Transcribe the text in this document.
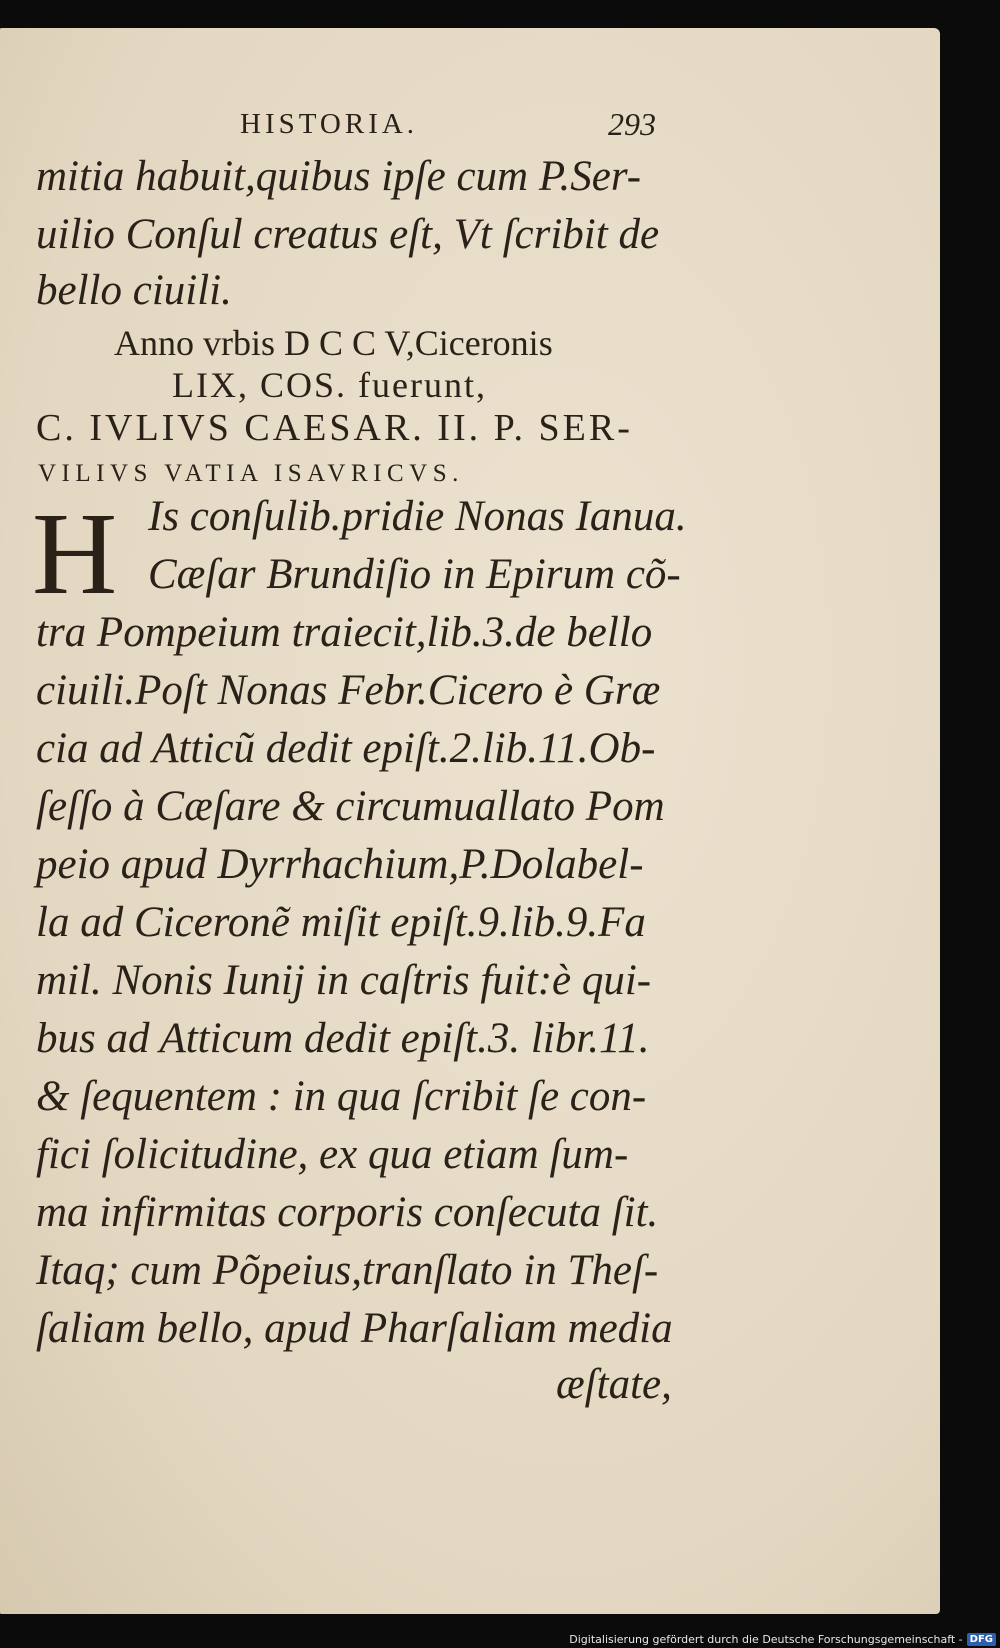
HISTORIA.	293
mitia habuit,quibus ipſe cum P.Ser-
uilio Conſul creatus eſt, Vt ſcribit de
bello ciuili.
Anno vrbis D C C V,Ciceronis
LIX, COS. fuerunt,
C. IVLIVS CAESAR. II. P. SER-
VILIVS VATIA ISAVRICVS.
H Is conſulib.pridie Nonas Ianua.
Cæſar Brundiſio in Epirum cõ-
tra Pompeium traiecit,lib.3.de bello
ciuili.Poſt Nonas Febr.Cicero è Græ
cia ad Atticũ dedit epiſt.2.lib.11.Ob-
ſeſſo à Cæſare & circumuallato Pom
peio apud Dyrrhachium,P.Dolabel-
la ad Ciceronẽ miſit epiſt.9.lib.9.Fa
mil. Nonis Iunij in caſtris fuit:è qui-
bus ad Atticum dedit epiſt.3. libr.11.
& ſequentem : in qua ſcribit ſe con-
fici ſolicitudine, ex qua etiam ſum-
ma infirmitas corporis conſecuta ſit.
Itaq; cum Põpeius,tranſlato in Theſ-
ſaliam bello, apud Pharſaliam media
æſtate,
Digitalisierung gefördert durch die Deutsche Forschungsgemeinschaft - DFG
